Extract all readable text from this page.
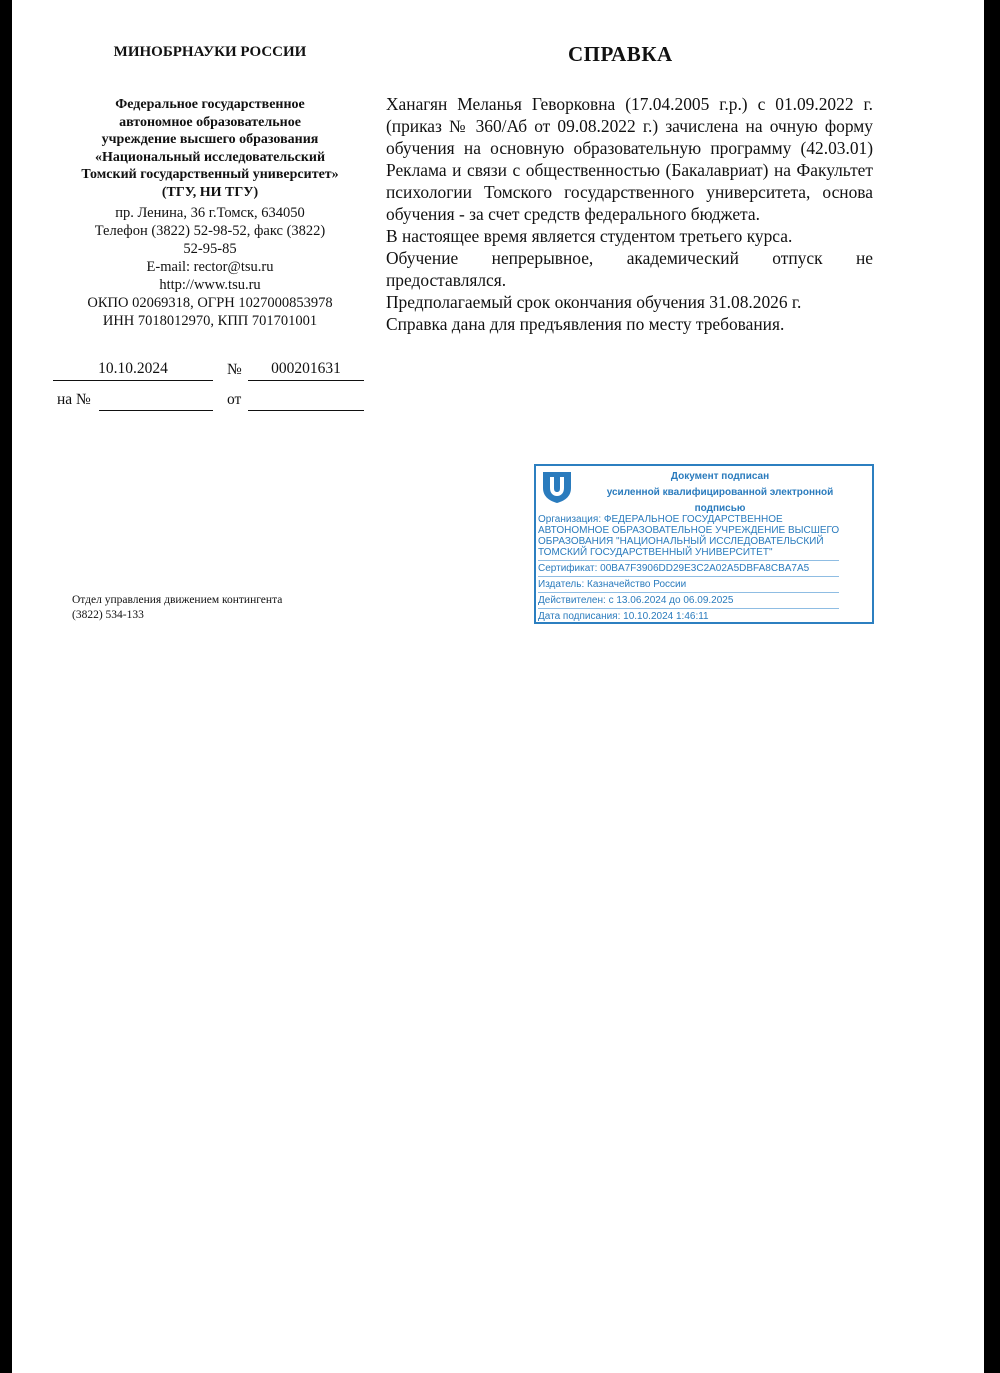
МИНОБРНАУКИ РОССИИ
Федеральное государственное
автономное образовательное
учреждение высшего образования
«Национальный исследовательский
Томский государственный университет»
(ТГУ, НИ ТГУ)
пр. Ленина, 36 г.Томск, 634050
Телефон (3822) 52-98-52, факс (3822)
52-95-85
E-mail: rector@tsu.ru
http://www.tsu.ru
ОКПО 02069318, ОГРН 1027000853978
ИНН 7018012970, КПП 701701001
10.10.2024	№	000201631
на №	от
СПРАВКА

Ханагян Меланья Геворковна (17.04.2005 г.р.) с 01.09.2022 г. (приказ № 360/Аб от 09.08.2022 г.) зачислена на очную форму обучения на основную образовательную программу (42.03.01) Реклама и связи с общественностью (Бакалавриат) на Факультет психологии Томского государственного университета, основа обучения - за счет средств федерального бюджета.

В настоящее время является студентом третьего курса.

Обучение непрерывное, академический отпуск не предоставлялся.

Предполагаемый срок окончания обучения 31.08.2026 г.

Справка дана для предъявления по месту требования.

Отдел управления движением контингента
(3822) 534-133
Документ подписан
усиленной квалифицированной электронной
подписью
Организация: ФЕДЕРАЛЬНОЕ ГОСУДАРСТВЕННОЕ
АВТОНОМНОЕ ОБРАЗОВАТЕЛЬНОЕ УЧРЕЖДЕНИЕ ВЫСШЕГО
ОБРАЗОВАНИЯ "НАЦИОНАЛЬНЫЙ ИССЛЕДОВАТЕЛЬСКИЙ
ТОМСКИЙ ГОСУДАРСТВЕННЫЙ УНИВЕРСИТЕТ"
Сертификат: 00BA7F3906DD29E3C2A02A5DBFA8CBA7A5
Издатель: Казначейство России
Действителен: с 13.06.2024 до 06.09.2025
Дата подписания: 10.10.2024 1:46:11
